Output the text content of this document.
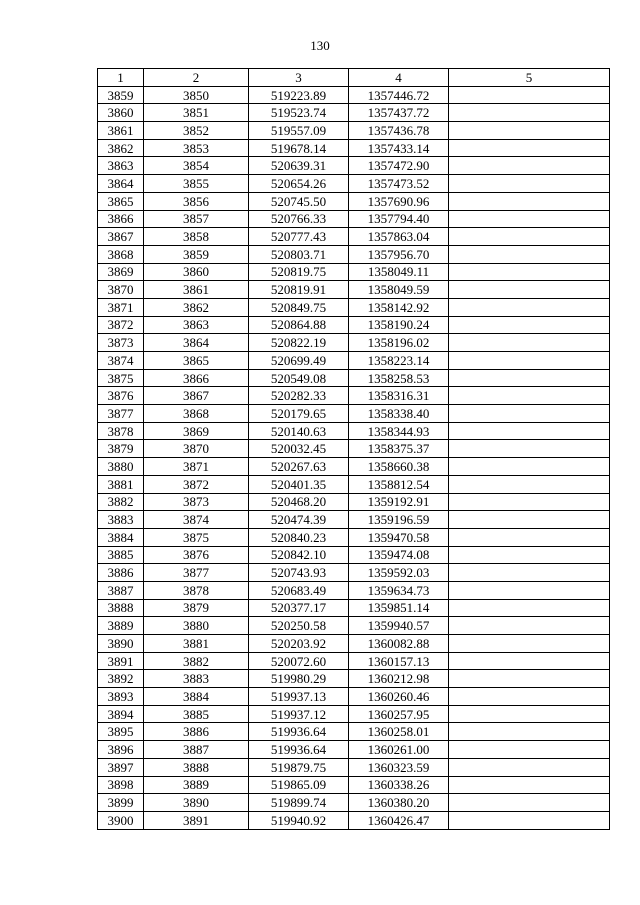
130
1	2	3	4	5
3859	3850	519223.89	1357446.72	
3860	3851	519523.74	1357437.72	
3861	3852	519557.09	1357436.78	
3862	3853	519678.14	1357433.14	
3863	3854	520639.31	1357472.90	
3864	3855	520654.26	1357473.52	
3865	3856	520745.50	1357690.96	
3866	3857	520766.33	1357794.40	
3867	3858	520777.43	1357863.04	
3868	3859	520803.71	1357956.70	
3869	3860	520819.75	1358049.11	
3870	3861	520819.91	1358049.59	
3871	3862	520849.75	1358142.92	
3872	3863	520864.88	1358190.24	
3873	3864	520822.19	1358196.02	
3874	3865	520699.49	1358223.14	
3875	3866	520549.08	1358258.53	
3876	3867	520282.33	1358316.31	
3877	3868	520179.65	1358338.40	
3878	3869	520140.63	1358344.93	
3879	3870	520032.45	1358375.37	
3880	3871	520267.63	1358660.38	
3881	3872	520401.35	1358812.54	
3882	3873	520468.20	1359192.91	
3883	3874	520474.39	1359196.59	
3884	3875	520840.23	1359470.58	
3885	3876	520842.10	1359474.08	
3886	3877	520743.93	1359592.03	
3887	3878	520683.49	1359634.73	
3888	3879	520377.17	1359851.14	
3889	3880	520250.58	1359940.57	
3890	3881	520203.92	1360082.88	
3891	3882	520072.60	1360157.13	
3892	3883	519980.29	1360212.98	
3893	3884	519937.13	1360260.46	
3894	3885	519937.12	1360257.95	
3895	3886	519936.64	1360258.01	
3896	3887	519936.64	1360261.00	
3897	3888	519879.75	1360323.59	
3898	3889	519865.09	1360338.26	
3899	3890	519899.74	1360380.20	
3900	3891	519940.92	1360426.47	
